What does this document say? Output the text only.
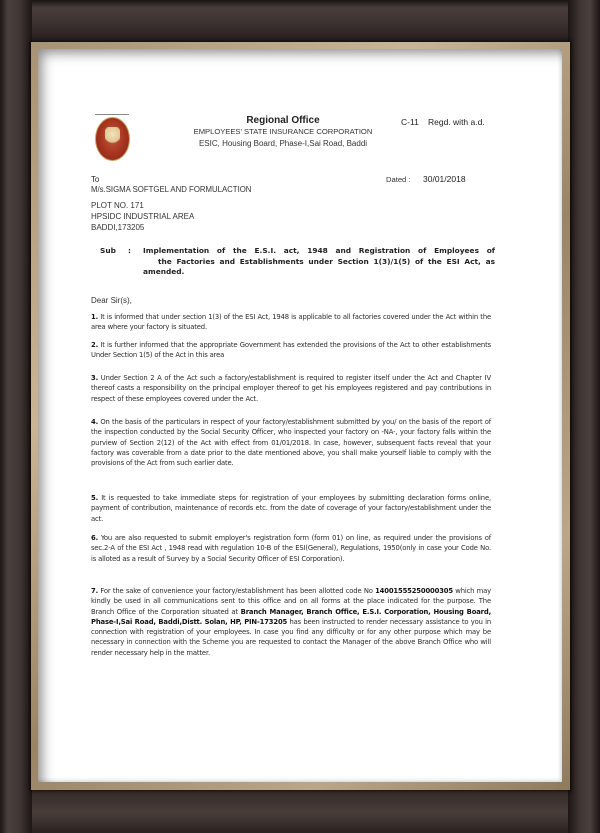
Regional Office
EMPLOYEES' STATE INSURANCE CORPORATION
ESIC, Housing Board, Phase-I,Sai Road, Baddi
C-11 Regd. with a.d.
To	Dated : 30/01/2018
M/s.SIGMA SOFTGEL AND FORMULACTION
PLOT NO. 171
HPSIDC INDUSTRIAL AREA
BADDI,173205
Sub : Implementation of the E.S.I. act, 1948 and Registration of Employees of
the Factories and Establishments under Section 1(3)/1(5) of the ESI Act, as
amended.
Dear Sir(s),
1. It is informed that under section 1(3) of the ESI Act, 1948 is applicable to all factories covered under the Act within the area where your factory is situated.
2. It is further informed that the appropriate Government has extended the provisions of the Act to other establishments Under Section 1(5) of the Act in this area
3. Under Section 2 A of the Act such a factory/establishment is required to register itself under the Act and Chapter IV thereof casts a responsibility on the principal employer thereof to get his employees registered and pay contributions in respect of these employees covered under the Act.
4. On the basis of the particulars in respect of your factory/establishment submitted by you/ on the basis of the report of the inspection conducted by the Social Security Officer, who inspected your factory on -NA-, your factory falls within the purview of Section 2(12) of the Act with effect from 01/01/2018. In case, however, subsequent facts reveal that your factory was coverable from a date prior to the date mentioned above, you shall make yourself liable to comply with the provisions of the Act from such earlier date.
5. It is requested to take immediate steps for registration of your employees by submitting declaration forms online, payment of contribution, maintenance of records etc. from the date of coverage of your factory/establishment under the act.
6. You are also requested to submit employer's registration form (form 01) on line, as required under the provisions of sec.2-A of the ESI Act , 1948 read with regulation 10-B of the ESI(General), Regulations, 1950(only in case your Code No. is alloted as a result of Survey by a Social Security Officer of ESI Corporation).
7. For the sake of convenience your factory/establishment has been allotted code No 14001555250000305 which may kindly be used in all communications sent to this office and on all forms at the place indicated for the purpose. The Branch Office of the Corporation situated at Branch Manager, Branch Office, E.S.I. Corporation, Housing Board, Phase-I,Sai Road, Baddi,Distt. Solan, HP, PIN-173205 has been instructed to render necessary assistance to you in connection with registration of your employees. In case you find any difficulty or for any other purpose which may be necessary in connection with the Scheme you are requested to contact the Manager of the above Branch Office who will render necessary help in the matter.
